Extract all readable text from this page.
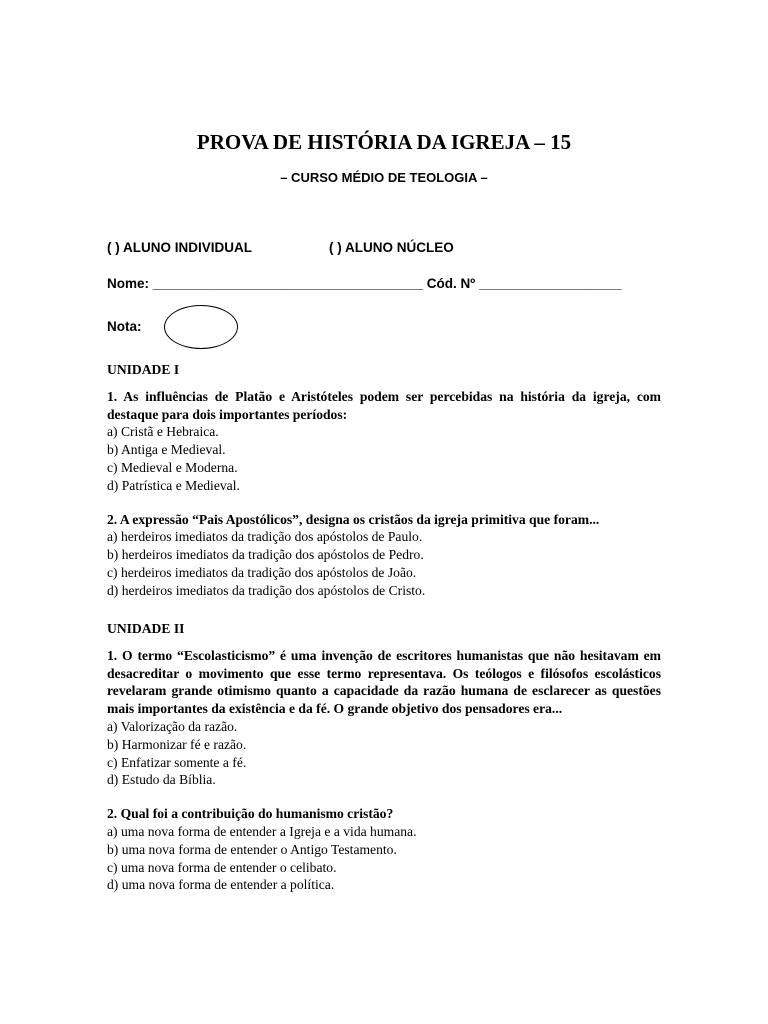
PROVA DE HISTÓRIA DA IGREJA – 15
– CURSO MÉDIO DE TEOLOGIA –
( ) ALUNO INDIVIDUAL	( ) ALUNO NÚCLEO
Nome: ____________________________________ Cód. Nº ___________________
Nota:
UNIDADE I
1. As influências de Platão e Aristóteles podem ser percebidas na história da igreja, com destaque para dois importantes períodos:
a) Cristã e Hebraica.
b) Antiga e Medieval.
c) Medieval e Moderna.
d) Patrística e Medieval.
2. A expressão “Pais Apostólicos”, designa os cristãos da igreja primitiva que foram...
a) herdeiros imediatos da tradição dos apóstolos de Paulo.
b) herdeiros imediatos da tradição dos apóstolos de Pedro.
c) herdeiros imediatos da tradição dos apóstolos de João.
d) herdeiros imediatos da tradição dos apóstolos de Cristo.
UNIDADE II
1. O termo “Escolasticismo” é uma invenção de escritores humanistas que não hesitavam em desacreditar o movimento que esse termo representava. Os teólogos e filósofos escolásticos revelaram grande otimismo quanto a capacidade da razão humana de esclarecer as questões mais importantes da existência e da fé. O grande objetivo dos pensadores era...
a) Valorização da razão.
b) Harmonizar fé e razão.
c) Enfatizar somente a fé.
d) Estudo da Bíblia.
2. Qual foi a contribuição do humanismo cristão?
a) uma nova forma de entender a Igreja e a vida humana.
b) uma nova forma de entender o Antigo Testamento.
c) uma nova forma de entender o celibato.
d) uma nova forma de entender a política.
